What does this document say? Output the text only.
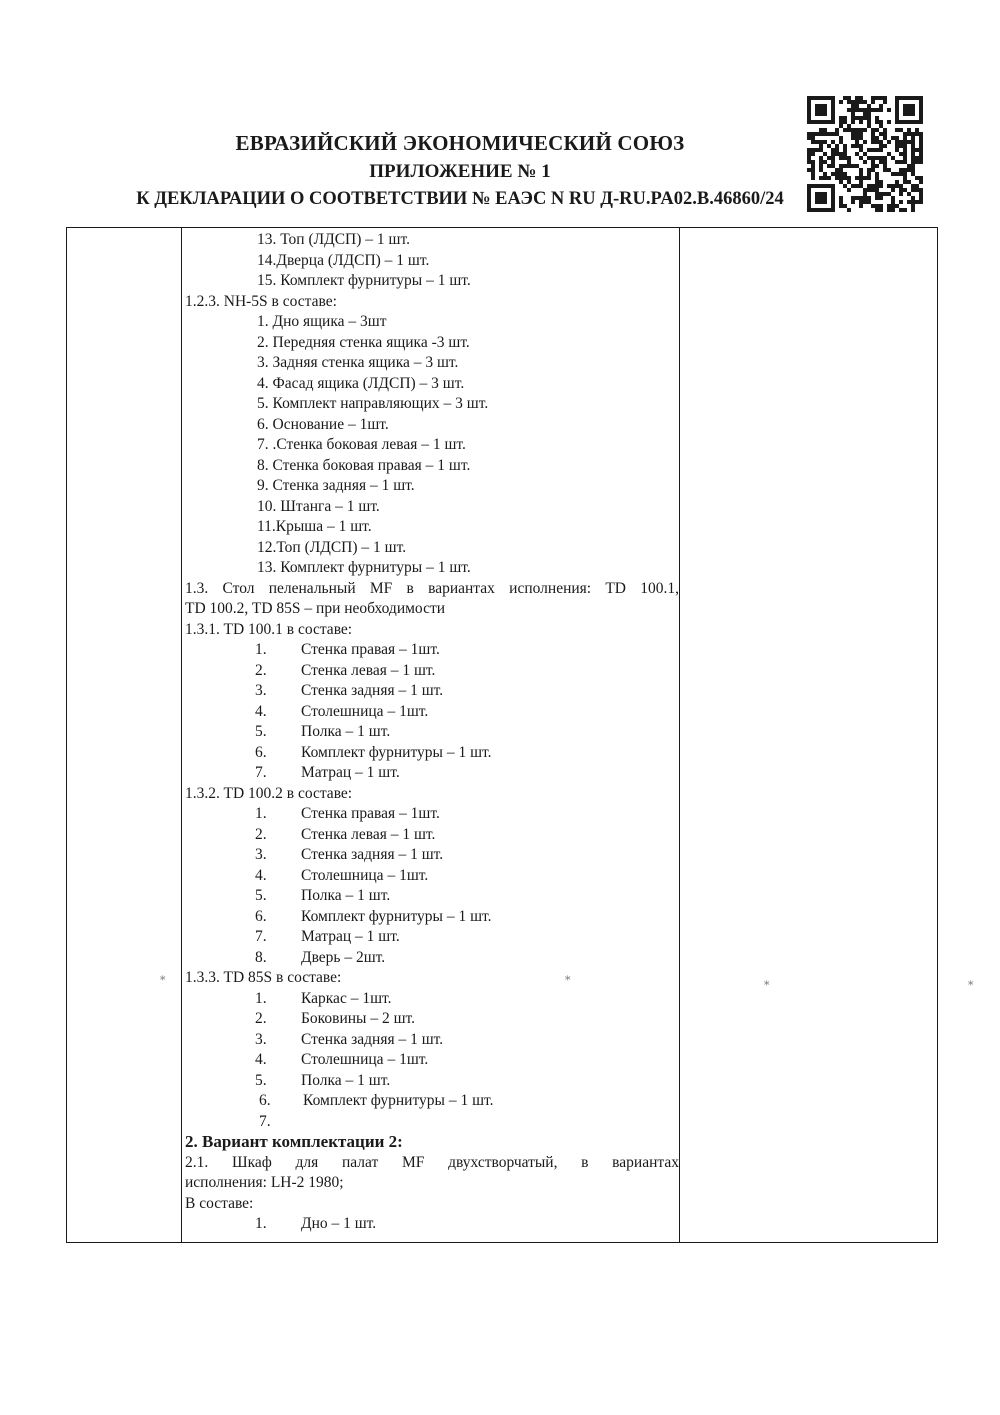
ЕВРАЗИЙСКИЙ ЭКОНОМИЧЕСКИЙ СОЮЗ
ПРИЛОЖЕНИЕ № 1
К ДЕКЛАРАЦИИ О СООТВЕТСТВИИ № ЕАЭС N RU Д-RU.PA02.B.46860/24
13. Топ (ЛДСП) – 1 шт.
14.Дверца (ЛДСП) – 1 шт.
15. Комплект фурнитуры – 1 шт.
1.2.3. NH-5S в составе:
1. Дно ящика – 3шт
2. Передняя стенка ящика -3 шт.
3. Задняя стенка ящика – 3 шт.
4. Фасад ящика (ЛДСП) – 3 шт.
5. Комплект направляющих – 3 шт.
6. Основание – 1шт.
7. .Стенка боковая левая – 1 шт.
8. Стенка боковая правая – 1 шт.
9. Стенка задняя – 1 шт.
10. Штанга – 1 шт.
11.Крыша – 1 шт.
12.Топ (ЛДСП) – 1 шт.
13. Комплект фурнитуры – 1 шт.
1.3. Стол пеленальный MF в вариантах исполнения: TD 100.1,
TD 100.2, TD 85S – при необходимости
1.3.1. TD 100.1 в составе:
1. Стенка правая – 1шт.
2. Стенка левая – 1 шт.
3. Стенка задняя – 1 шт.
4. Столешница – 1шт.
5. Полка – 1 шт.
6. Комплект фурнитуры – 1 шт.
7. Матрац – 1 шт.
1.3.2. TD 100.2 в составе:
1. Стенка правая – 1шт.
2. Стенка левая – 1 шт.
3. Стенка задняя – 1 шт.
4. Столешница – 1шт.
5. Полка – 1 шт.
6. Комплект фурнитуры – 1 шт.
7. Матрац – 1 шт.
8. Дверь – 2шт.
1.3.3. TD 85S в составе:
1. Каркас – 1шт.
2. Боковины – 2 шт.
3. Стенка задняя – 1 шт.
4. Столешница – 1шт.
5. Полка – 1 шт.
6. Комплект фурнитуры – 1 шт.
7.
2. Вариант комплектации 2:
2.1. Шкаф для палат MF двухстворчатый, в вариантах
исполнения: LH-2 1980;
В составе:
1. Дно – 1 шт.
⁎	⁎	⁎	⁎
